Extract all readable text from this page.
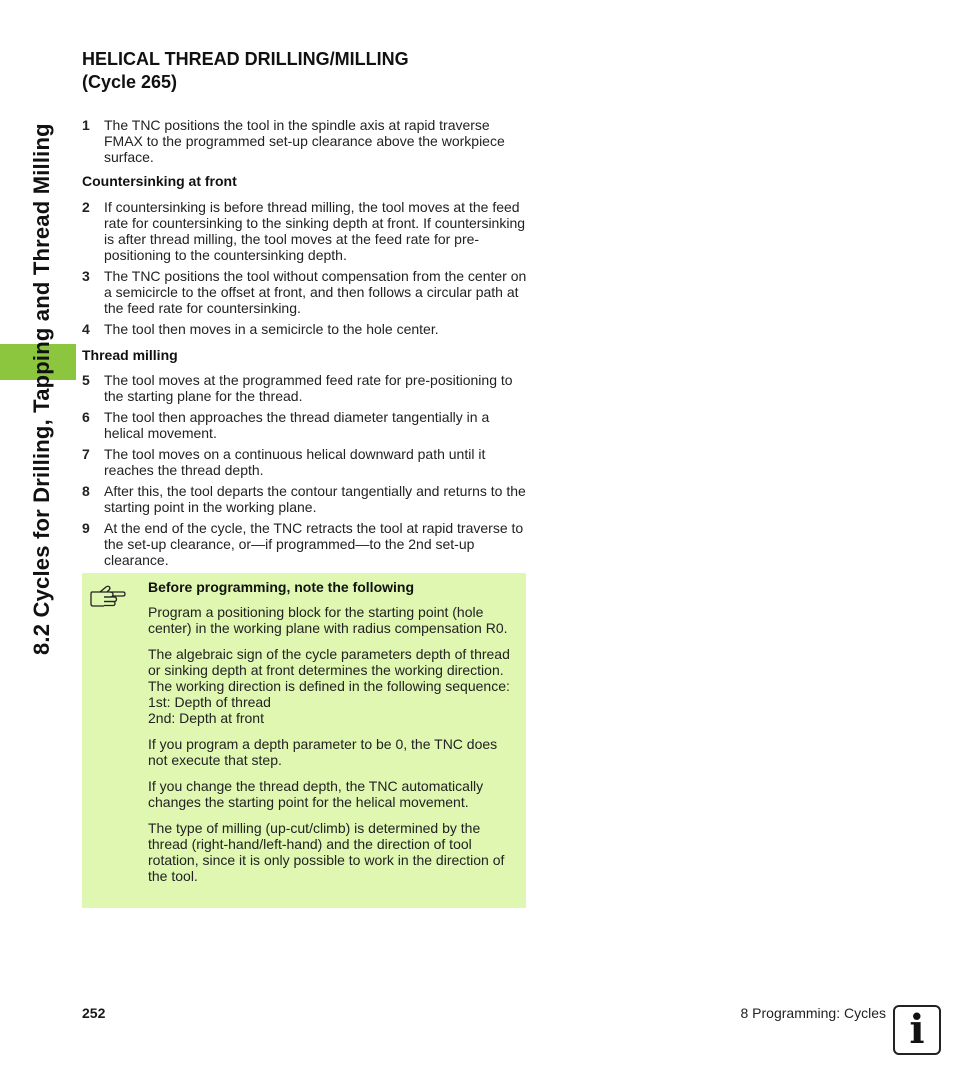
8.2 Cycles for Drilling, Tapping and Thread Milling
HELICAL THREAD DRILLING/MILLING
(Cycle 265)
1 The TNC positions the tool in the spindle axis at rapid traverse FMAX to the programmed set-up clearance above the workpiece surface.

Countersinking at front

2 If countersinking is before thread milling, the tool moves at the feed rate for countersinking to the sinking depth at front. If countersinking is after thread milling, the tool moves at the feed rate for pre-positioning to the countersinking depth.
3 The TNC positions the tool without compensation from the center on a semicircle to the offset at front, and then follows a circular path at the feed rate for countersinking.
4 The tool then moves in a semicircle to the hole center.

Thread milling

5 The tool moves at the programmed feed rate for pre-positioning to the starting plane for the thread.
6 The tool then approaches the thread diameter tangentially in a helical movement.
7 The tool moves on a continuous helical downward path until it reaches the thread depth.
8 After this, the tool departs the contour tangentially and returns to the starting point in the working plane.
9 At the end of the cycle, the TNC retracts the tool at rapid traverse to the set-up clearance, or—if programmed—to the 2nd set-up clearance.

Before programming, note the following

Program a positioning block for the starting point (hole center) in the working plane with radius compensation R0.

The algebraic sign of the cycle parameters depth of thread or sinking depth at front determines the working direction. The working direction is defined in the following sequence:
1st: Depth of thread
2nd: Depth at front

If you program a depth parameter to be 0, the TNC does not execute that step.

If you change the thread depth, the TNC automatically changes the starting point for the helical movement.

The type of milling (up-cut/climb) is determined by the thread (right-hand/left-hand) and the direction of tool rotation, since it is only possible to work in the direction of the tool.

252	8 Programming: Cycles i
